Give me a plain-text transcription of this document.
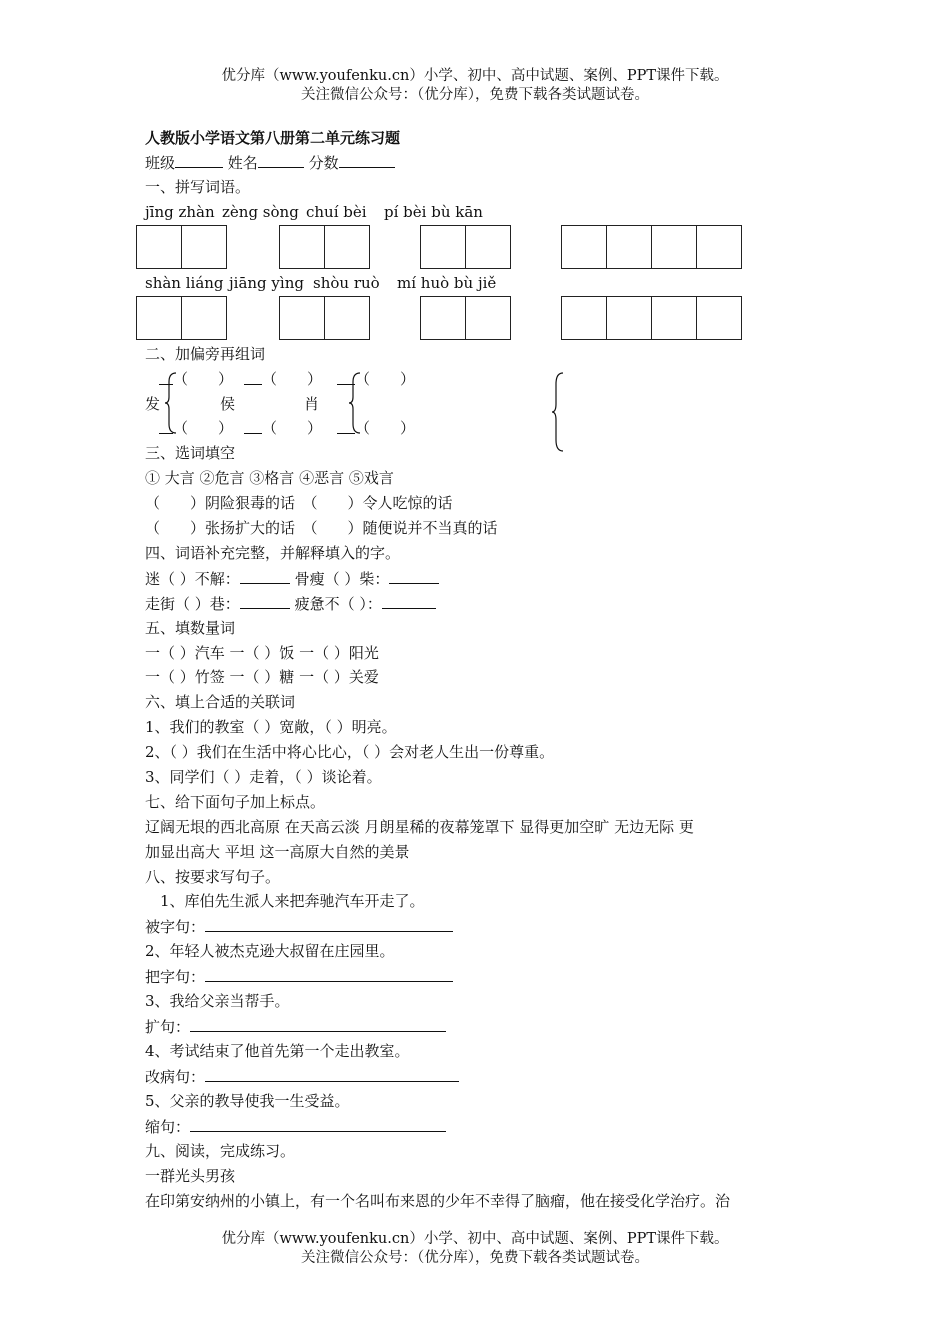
优分库（www.youfenku.cn）小学、初中、高中试题、案例、PPT课件下载。
关注微信公众号：（优分库），免费下载各类试题试卷。
人教版小学语文第八册第二单元练习题
班级	姓名	分数
一、拼写词语。
jīng zhàn zèng sòng chuí bèi pí bèi bù kān
shàn liáng jiāng yìng shòu ruò mí huò bù jiě
二、加偏旁再组词
（　　） （　　） （　　）
发	侯	肖
（　　） （　　） （　　）
三、选词填空
① 大言 ②危言 ③格言 ④恶言 ⑤戏言
（　　）阴险狠毒的话　（　　）令人吃惊的话
（　　）张扬扩大的话　（　　）随便说并不当真的话
四、词语补充完整，并解释填入的字。
迷（ ）不解：	骨瘦（ ）柴：
走街（ ）巷：	疲惫不（ ）：
五、填数量词
一（ ）汽车 一（ ）饭 一（ ）阳光
一（ ）竹签 一（ ）糖 一（ ）关爱
六、填上合适的关联词
1、我们的教室（ ）宽敞，（ ）明亮。
2、（ ）我们在生活中将心比心，（ ）会对老人生出一份尊重。
3、同学们（ ）走着，（ ）谈论着。
七、给下面句子加上标点。
辽阔无垠的西北高原 在天高云淡 月朗星稀的夜幕笼罩下 显得更加空旷 无边无际 更
加显出高大 平坦 这一高原大自然的美景
八、按要求写句子。
1、库伯先生派人来把奔驰汽车开走了。
被字句：
2、年轻人被杰克逊大叔留在庄园里。
把字句：
3、我给父亲当帮手。
扩句：
4、考试结束了他首先第一个走出教室。
改病句：
5、父亲的教导使我一生受益。
缩句：
九、阅读，完成练习。
一群光头男孩
在印第安纳州的小镇上，有一个名叫布来恩的少年不幸得了脑瘤，他在接受化学治疗。治
优分库（www.youfenku.cn）小学、初中、高中试题、案例、PPT课件下载。
关注微信公众号：（优分库），免费下载各类试题试卷。
